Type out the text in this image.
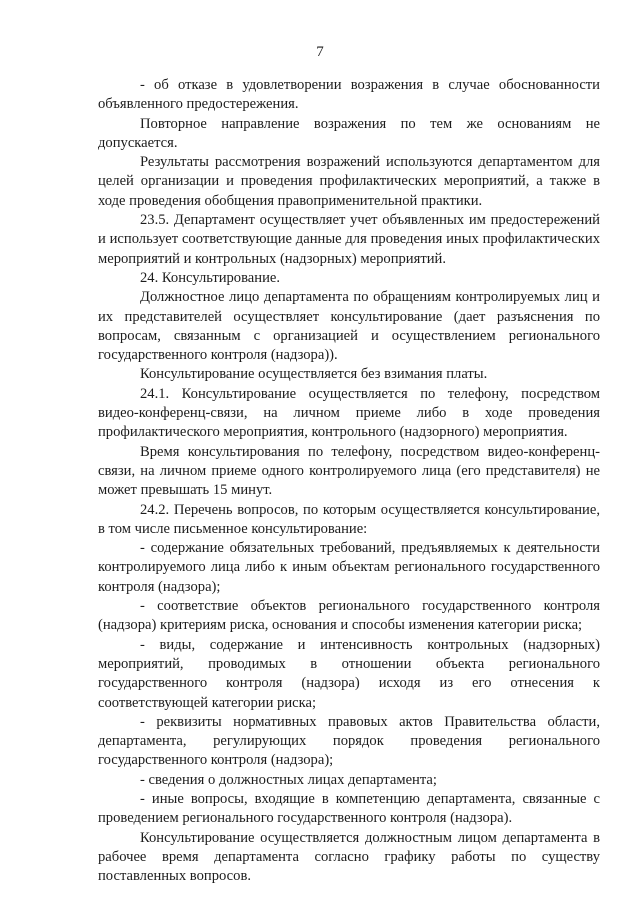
7

- об отказе в удовлетворении возражения в случае обоснованности объявленного предостережения.

Повторное направление возражения по тем же основаниям не допускается.

Результаты рассмотрения возражений используются департаментом для целей организации и проведения профилактических мероприятий, а также в ходе проведения обобщения правоприменительной практики.

23.5. Департамент осуществляет учет объявленных им предостережений и использует соответствующие данные для проведения иных профилактических мероприятий и контрольных (надзорных) мероприятий.

24. Консультирование.

Должностное лицо департамента по обращениям контролируемых лиц и их представителей осуществляет консультирование (дает разъяснения по вопросам, связанным с организацией и осуществлением регионального государственного контроля (надзора)).

Консультирование осуществляется без взимания платы.

24.1. Консультирование осуществляется по телефону, посредством видео-конференц-связи, на личном приеме либо в ходе проведения профилактического мероприятия, контрольного (надзорного) мероприятия.

Время консультирования по телефону, посредством видео-конференц-связи, на личном приеме одного контролируемого лица (его представителя) не может превышать 15 минут.

24.2. Перечень вопросов, по которым осуществляется консультирование, в том числе письменное консультирование:

- содержание обязательных требований, предъявляемых к деятельности контролируемого лица либо к иным объектам регионального государственного контроля (надзора);

- соответствие объектов регионального государственного контроля (надзора) критериям риска, основания и способы изменения категории риска;

- виды, содержание и интенсивность контрольных (надзорных) мероприятий, проводимых в отношении объекта регионального государственного контроля (надзора) исходя из его отнесения к соответствующей категории риска;

- реквизиты нормативных правовых актов Правительства области, департамента, регулирующих порядок проведения регионального государственного контроля (надзора);

- сведения о должностных лицах департамента;

- иные вопросы, входящие в компетенцию департамента, связанные с проведением регионального государственного контроля (надзора).

Консультирование осуществляется должностным лицом департамента в рабочее время департамента согласно графику работы по существу поставленных вопросов.
